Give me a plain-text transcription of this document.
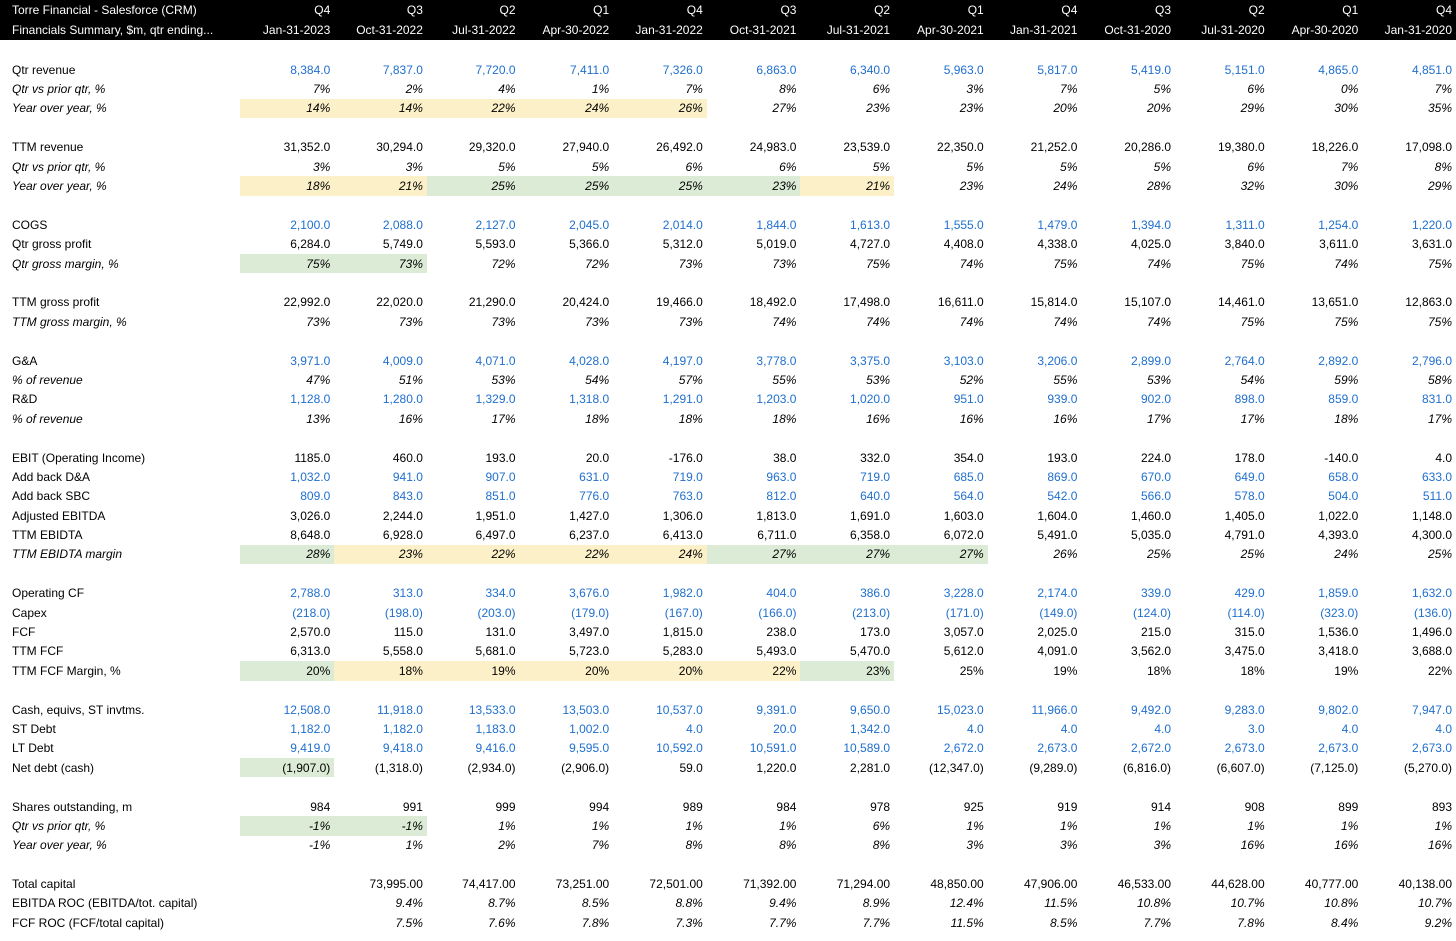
Torre Financial - Salesforce (CRM)	Q4	Q3	Q2	Q1	Q4	Q3	Q2	Q1	Q4	Q3	Q2	Q1	Q4
Financials Summary, $m, qtr ending...	Jan-31-2023	Oct-31-2022	Jul-31-2022	Apr-30-2022	Jan-31-2022	Oct-31-2021	Jul-31-2021	Apr-30-2021	Jan-31-2021	Oct-31-2020	Jul-31-2020	Apr-30-2020	Jan-31-2020

Qtr revenue	8,384.0	7,837.0	7,720.0	7,411.0	7,326.0	6,863.0	6,340.0	5,963.0	5,817.0	5,419.0	5,151.0	4,865.0	4,851.0
Qtr vs prior qtr, %	7%	2%	4%	1%	7%	8%	6%	3%	7%	5%	6%	0%	7%
Year over year, %	14%	14%	22%	24%	26%	27%	23%	23%	20%	20%	29%	30%	35%

TTM revenue	31,352.0	30,294.0	29,320.0	27,940.0	26,492.0	24,983.0	23,539.0	22,350.0	21,252.0	20,286.0	19,380.0	18,226.0	17,098.0
Qtr vs prior qtr, %	3%	3%	5%	5%	6%	6%	5%	5%	5%	5%	6%	7%	8%
Year over year, %	18%	21%	25%	25%	25%	23%	21%	23%	24%	28%	32%	30%	29%

COGS	2,100.0	2,088.0	2,127.0	2,045.0	2,014.0	1,844.0	1,613.0	1,555.0	1,479.0	1,394.0	1,311.0	1,254.0	1,220.0
Qtr gross profit	6,284.0	5,749.0	5,593.0	5,366.0	5,312.0	5,019.0	4,727.0	4,408.0	4,338.0	4,025.0	3,840.0	3,611.0	3,631.0
Qtr gross margin, %	75%	73%	72%	72%	73%	73%	75%	74%	75%	74%	75%	74%	75%

TTM gross profit	22,992.0	22,020.0	21,290.0	20,424.0	19,466.0	18,492.0	17,498.0	16,611.0	15,814.0	15,107.0	14,461.0	13,651.0	12,863.0
TTM gross margin, %	73%	73%	73%	73%	73%	74%	74%	74%	74%	74%	75%	75%	75%

G&A	3,971.0	4,009.0	4,071.0	4,028.0	4,197.0	3,778.0	3,375.0	3,103.0	3,206.0	2,899.0	2,764.0	2,892.0	2,796.0
% of revenue	47%	51%	53%	54%	57%	55%	53%	52%	55%	53%	54%	59%	58%
R&D	1,128.0	1,280.0	1,329.0	1,318.0	1,291.0	1,203.0	1,020.0	951.0	939.0	902.0	898.0	859.0	831.0
% of revenue	13%	16%	17%	18%	18%	18%	16%	16%	16%	17%	17%	18%	17%

EBIT (Operating Income)	1185.0	460.0	193.0	20.0	-176.0	38.0	332.0	354.0	193.0	224.0	178.0	-140.0	4.0
Add back D&A	1,032.0	941.0	907.0	631.0	719.0	963.0	719.0	685.0	869.0	670.0	649.0	658.0	633.0
Add back SBC	809.0	843.0	851.0	776.0	763.0	812.0	640.0	564.0	542.0	566.0	578.0	504.0	511.0
Adjusted EBITDA	3,026.0	2,244.0	1,951.0	1,427.0	1,306.0	1,813.0	1,691.0	1,603.0	1,604.0	1,460.0	1,405.0	1,022.0	1,148.0
TTM EBIDTA	8,648.0	6,928.0	6,497.0	6,237.0	6,413.0	6,711.0	6,358.0	6,072.0	5,491.0	5,035.0	4,791.0	4,393.0	4,300.0
TTM EBIDTA margin	28%	23%	22%	22%	24%	27%	27%	27%	26%	25%	25%	24%	25%

Operating CF	2,788.0	313.0	334.0	3,676.0	1,982.0	404.0	386.0	3,228.0	2,174.0	339.0	429.0	1,859.0	1,632.0
Capex	(218.0)	(198.0)	(203.0)	(179.0)	(167.0)	(166.0)	(213.0)	(171.0)	(149.0)	(124.0)	(114.0)	(323.0)	(136.0)
FCF	2,570.0	115.0	131.0	3,497.0	1,815.0	238.0	173.0	3,057.0	2,025.0	215.0	315.0	1,536.0	1,496.0
TTM FCF	6,313.0	5,558.0	5,681.0	5,723.0	5,283.0	5,493.0	5,470.0	5,612.0	4,091.0	3,562.0	3,475.0	3,418.0	3,688.0
TTM FCF Margin, %	20%	18%	19%	20%	20%	22%	23%	25%	19%	18%	18%	19%	22%

Cash, equivs, ST invtms.	12,508.0	11,918.0	13,533.0	13,503.0	10,537.0	9,391.0	9,650.0	15,023.0	11,966.0	9,492.0	9,283.0	9,802.0	7,947.0
ST Debt	1,182.0	1,182.0	1,183.0	1,002.0	4.0	20.0	1,342.0	4.0	4.0	4.0	3.0	4.0	4.0
LT Debt	9,419.0	9,418.0	9,416.0	9,595.0	10,592.0	10,591.0	10,589.0	2,672.0	2,673.0	2,672.0	2,673.0	2,673.0	2,673.0
Net debt (cash)	(1,907.0)	(1,318.0)	(2,934.0)	(2,906.0)	59.0	1,220.0	2,281.0	(12,347.0)	(9,289.0)	(6,816.0)	(6,607.0)	(7,125.0)	(5,270.0)

Shares outstanding, m	984	991	999	994	989	984	978	925	919	914	908	899	893
Qtr vs prior qtr, %	-1%	-1%	1%	1%	1%	1%	6%	1%	1%	1%	1%	1%	1%
Year over year, %	-1%	1%	2%	7%	8%	8%	8%	3%	3%	3%	16%	16%	16%

Total capital		73,995.00	74,417.00	73,251.00	72,501.00	71,392.00	71,294.00	48,850.00	47,906.00	46,533.00	44,628.00	40,777.00	40,138.00
EBITDA ROC (EBITDA/tot. capital)		9.4%	8.7%	8.5%	8.8%	9.4%	8.9%	12.4%	11.5%	10.8%	10.7%	10.8%	10.7%
FCF ROC (FCF/total capital)		7.5%	7.6%	7.8%	7.3%	7.7%	7.7%	11.5%	8.5%	7.7%	7.8%	8.4%	9.2%
